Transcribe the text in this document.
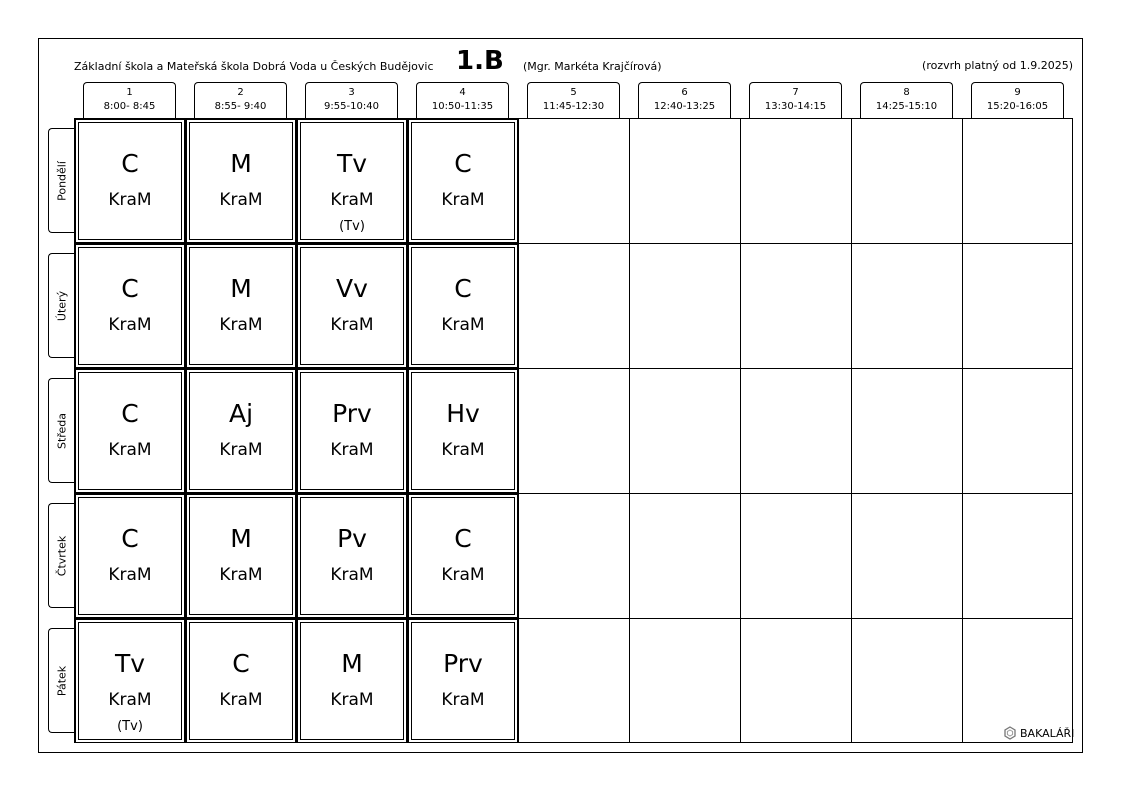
Základní škola a Mateřská škola Dobrá Voda u Českých Budějovic 1.B (Mgr. Markéta Krajčírová)	(rozvrh platný od 1.9.2025)
1
8:00- 8:45
2
8:55- 9:40
3
9:55-10:40
4
10:50-11:35
5
11:45-12:30
6
12:40-13:25
7
13:30-14:15
8
14:25-15:10
9
15:20-16:05
Pondělí
Úterý
Středa
Čtvrtek
Pátek
C
KraM
M
KraM
Tv
KraM
(Tv)
C
KraM
C
KraM
M
KraM
Vv
KraM
C
KraM
C
KraM
Aj
KraM
Prv
KraM
Hv
KraM
C
KraM
M
KraM
Pv
KraM
C
KraM
Tv
KraM
(Tv)
C
KraM
M
KraM
Prv
KraM
BAKALÁŘI
